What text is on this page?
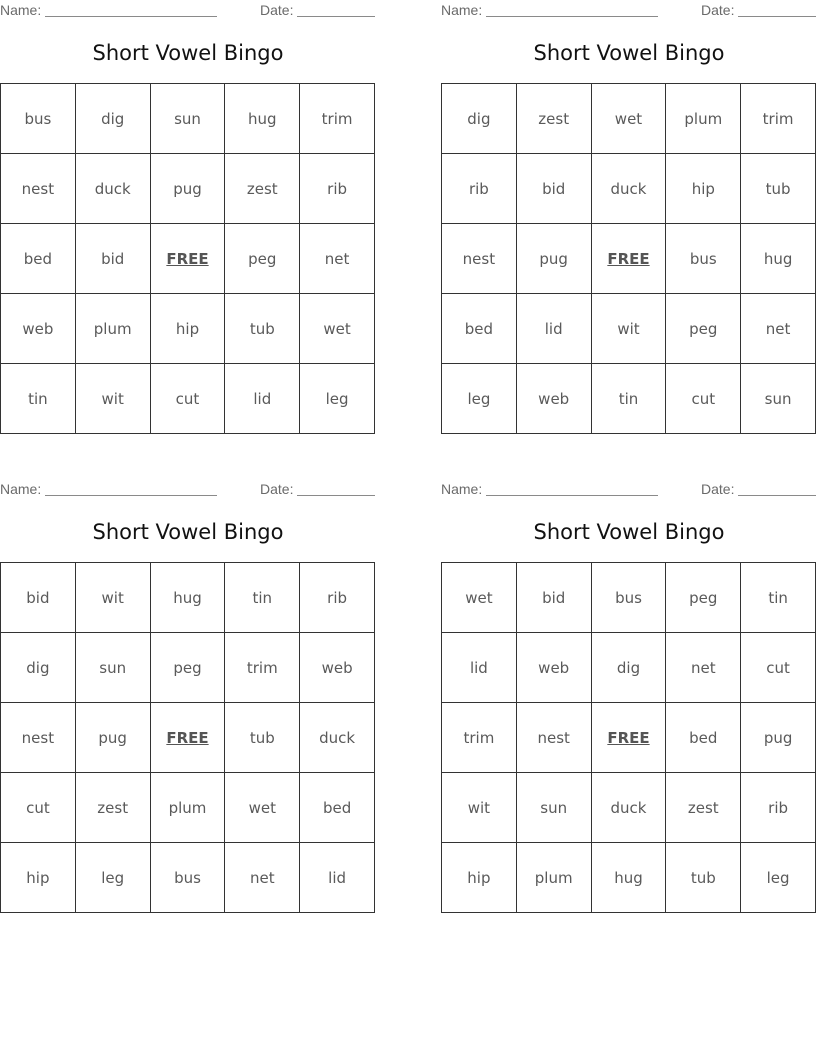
Name:	Date:
Short Vowel Bingo
bus	dig	sun	hug	trim
nest	duck	pug	zest	rib
bed	bid	FREE	peg	net
web	plum	hip	tub	wet
tin	wit	cut	lid	leg
Name:	Date:
Short Vowel Bingo
dig	zest	wet	plum	trim
rib	bid	duck	hip	tub
nest	pug	FREE	bus	hug
bed	lid	wit	peg	net
leg	web	tin	cut	sun
Name:	Date:
Short Vowel Bingo
bid	wit	hug	tin	rib
dig	sun	peg	trim	web
nest	pug	FREE	tub	duck
cut	zest	plum	wet	bed
hip	leg	bus	net	lid
Name:	Date:
Short Vowel Bingo
wet	bid	bus	peg	tin
lid	web	dig	net	cut
trim	nest	FREE	bed	pug
wit	sun	duck	zest	rib
hip	plum	hug	tub	leg
